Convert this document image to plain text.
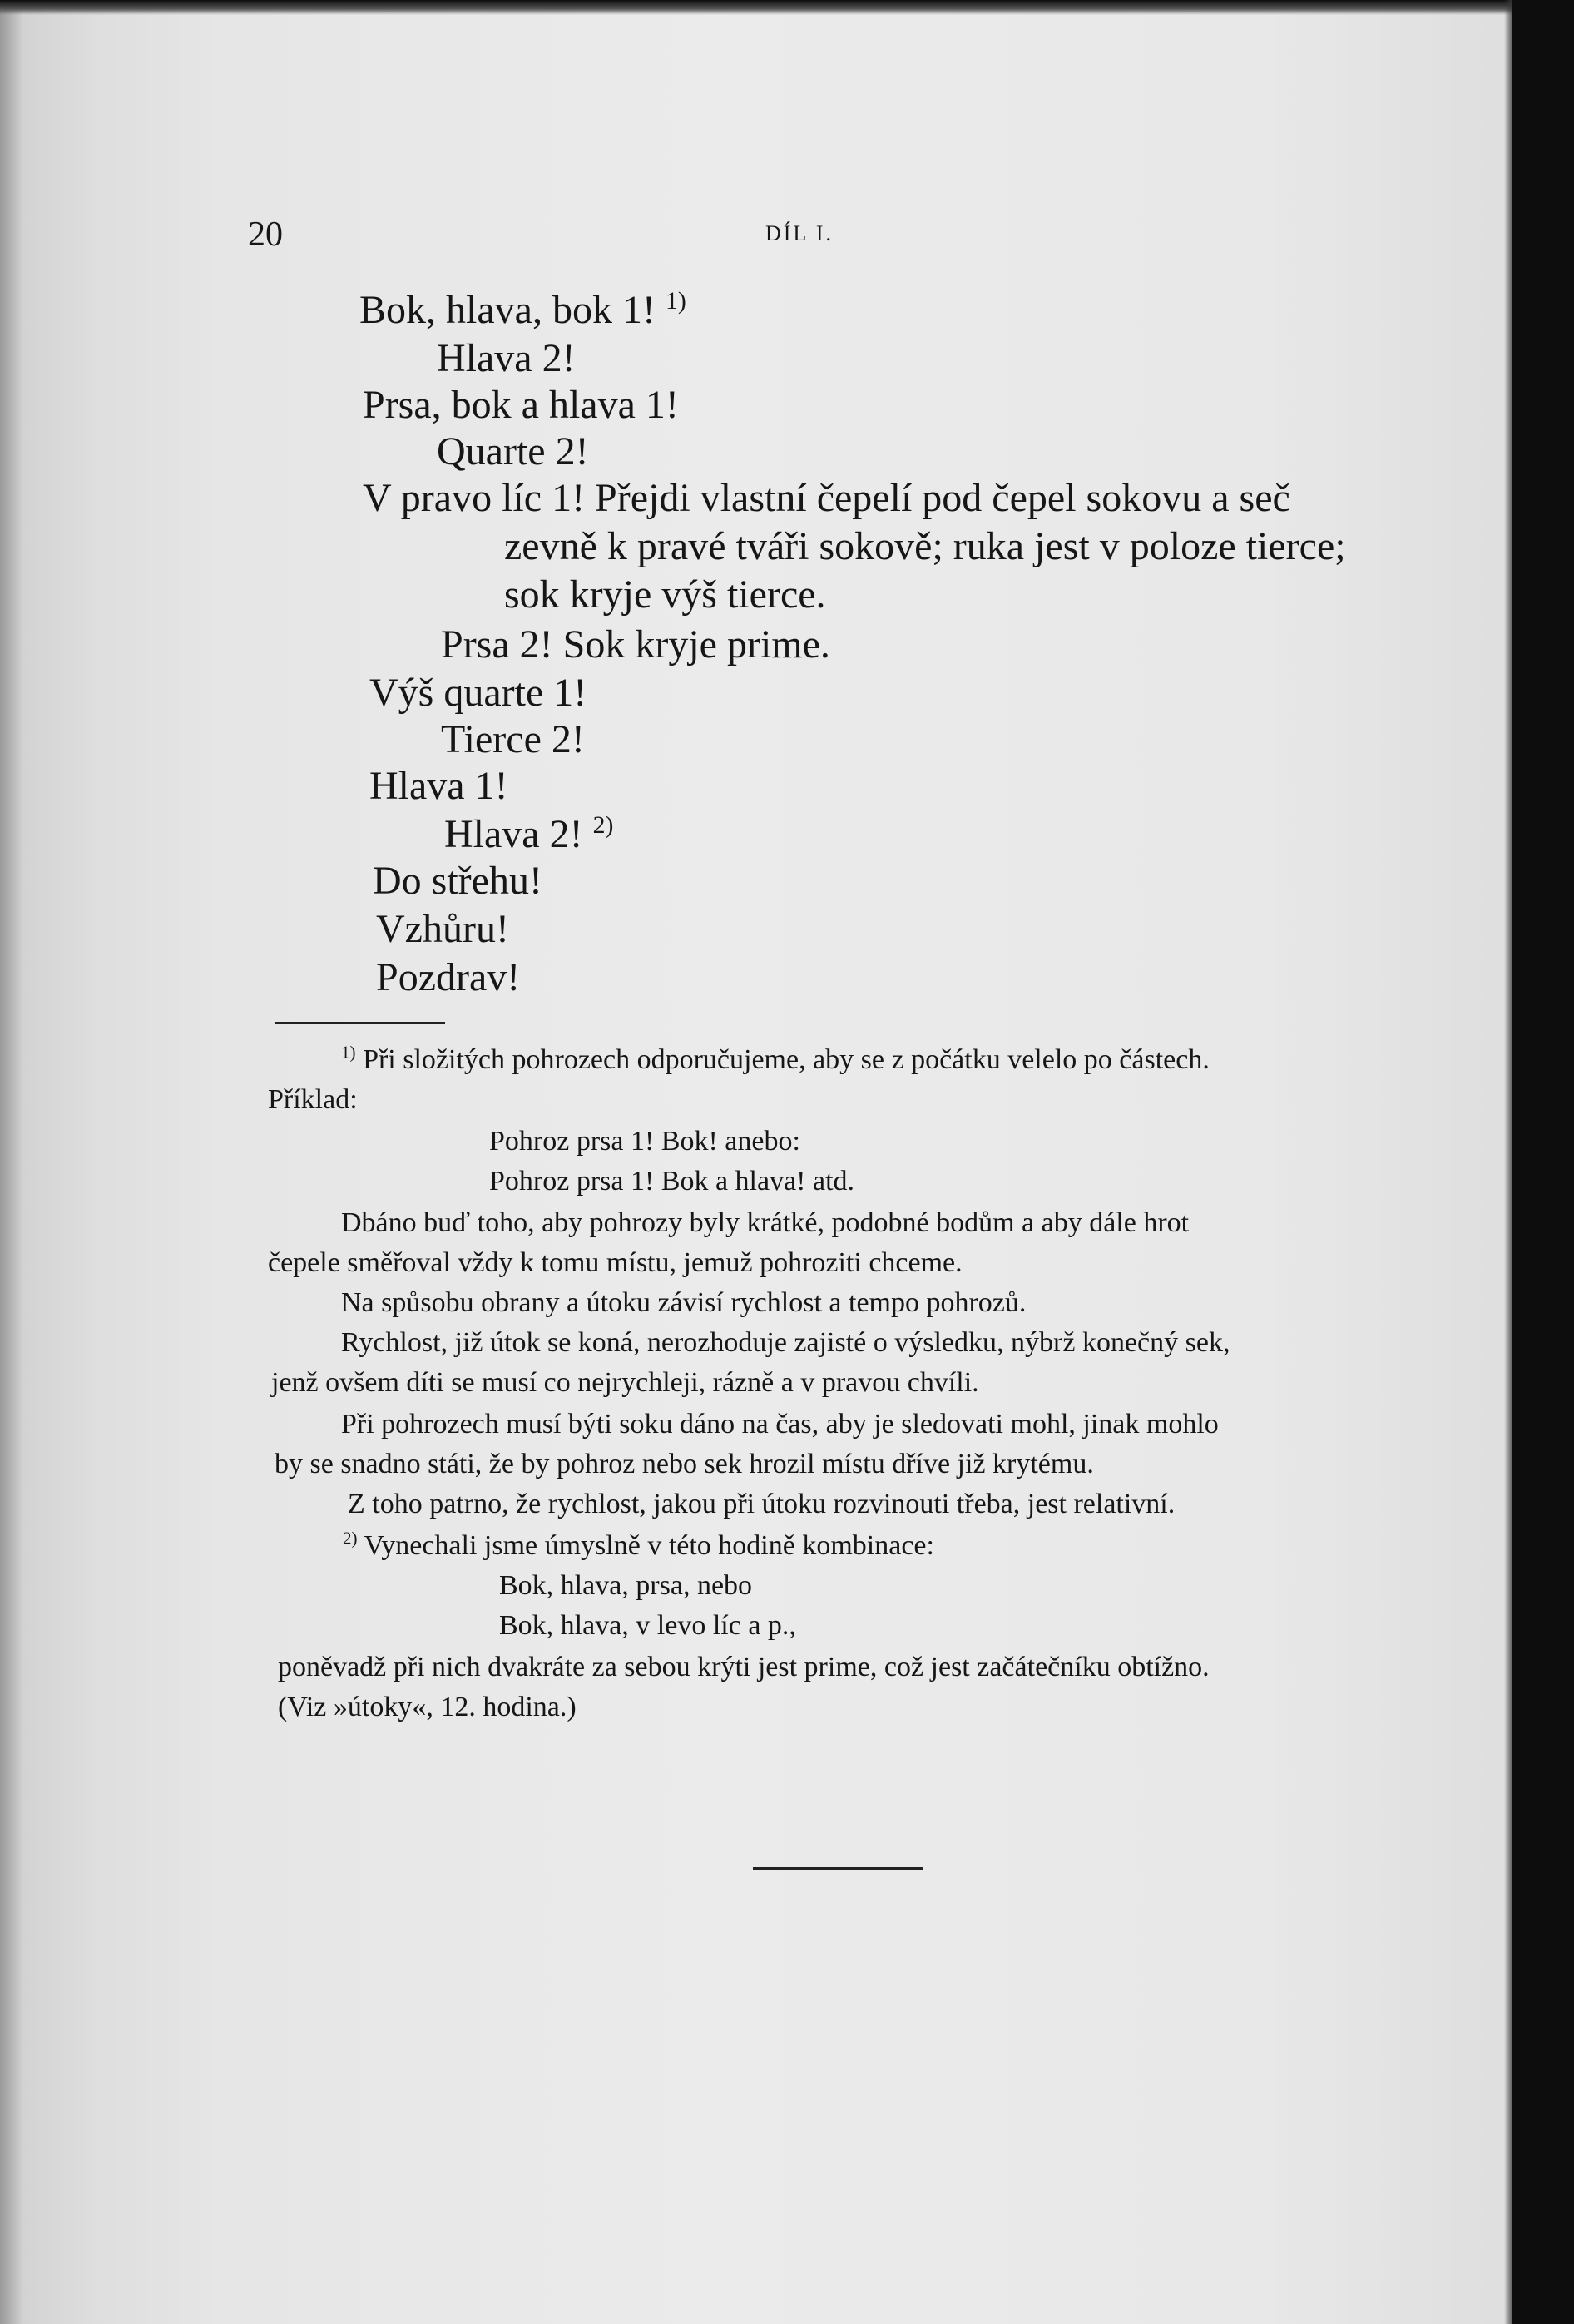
20	DÍL I.
Bok, hlava, bok 1! $^{1)}$
Hlava 2!
Prsa, bok a hlava 1!
Quarte 2!
V pravo líc 1! Přejdi vlastní čepelí pod čepel sokovu a seč
zevně k pravé tváři sokově; ruka jest v poloze tierce;
sok kryje výš tierce.
Prsa 2! Sok kryje prime.
Výš quarte 1!
Tierce 2!
Hlava 1!
Hlava 2! $^{2)}$
Do střehu!
Vzhůru!
Pozdrav!
$^{1)}$ Při složitých pohrozech odporučujeme, aby se z počátku velelo po částech.
Příklad:
Pohroz prsa 1! Bok! anebo:
Pohroz prsa 1! Bok a hlava! atd.
Dbáno buď toho, aby pohrozy byly krátké, podobné bodům a aby dále hrot
čepele směřoval vždy k tomu místu, jemuž pohroziti chceme.
Na spůsobu obrany a útoku závisí rychlost a tempo pohrozů.
Rychlost, již útok se koná, nerozhoduje zajisté o výsledku, nýbrž konečný sek,
jenž ovšem díti se musí co nejrychleji, rázně a v pravou chvíli.
Při pohrozech musí býti soku dáno na čas, aby je sledovati mohl, jinak mohlo
by se snadno státi, že by pohroz nebo sek hrozil místu dříve již krytému.
Z toho patrno, že rychlost, jakou při útoku rozvinouti třeba, jest relativní.
$^{2)}$ Vynechali jsme úmyslně v této hodině kombinace:
Bok, hlava, prsa, nebo
Bok, hlava, v levo líc a p.,
poněvadž při nich dvakráte za sebou krýti jest prime, což jest začátečníku obtížno.
(Viz »útoky«, 12. hodina.)
